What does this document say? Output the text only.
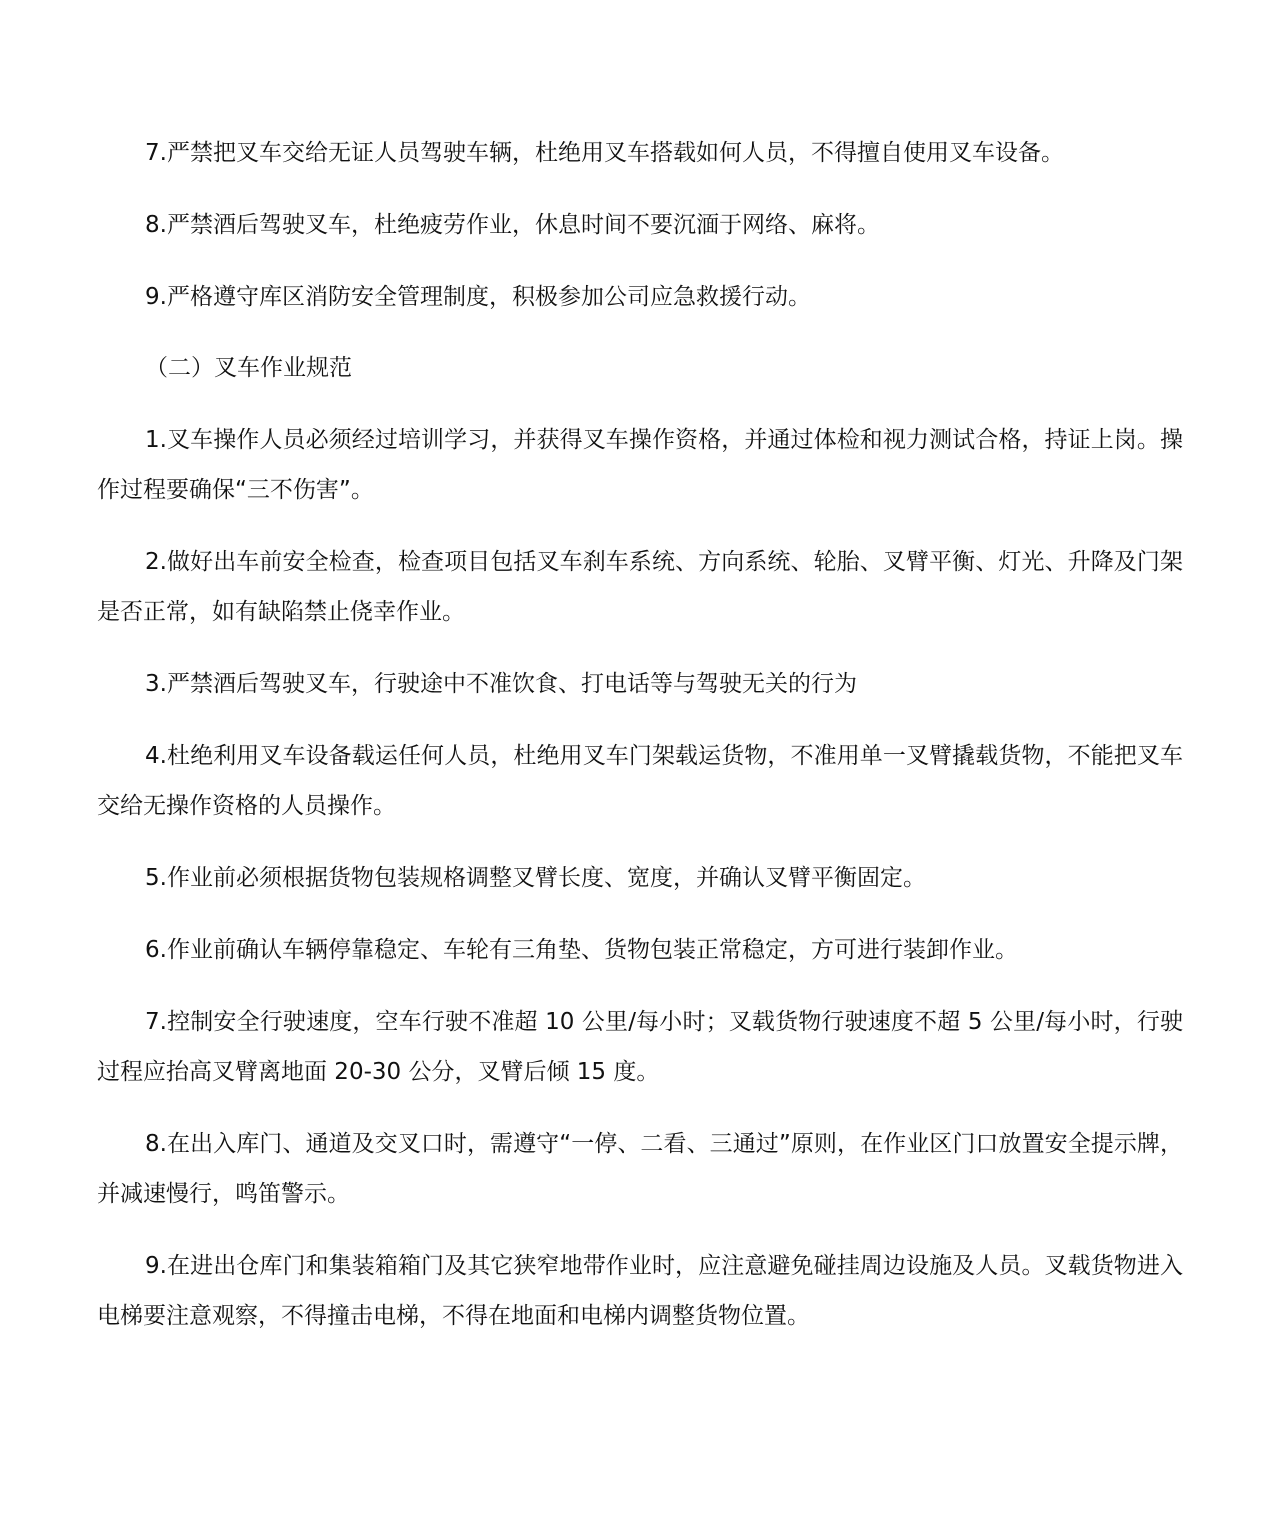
7.严禁把叉车交给无证人员驾驶车辆，杜绝用叉车搭载如何人员，不得擅自使用叉车设备。

8.严禁酒后驾驶叉车，杜绝疲劳作业，休息时间不要沉湎于网络、麻将。

9.严格遵守库区消防安全管理制度，积极参加公司应急救援行动。

（二）叉车作业规范

1.叉车操作人员必须经过培训学习，并获得叉车操作资格，并通过体检和视力测试合格，持证上岗。操作过程要确保“三不伤害”。

2.做好出车前安全检查，检查项目包括叉车刹车系统、方向系统、轮胎、叉臂平衡、灯光、升降及门架是否正常，如有缺陷禁止侥幸作业。

3.严禁酒后驾驶叉车，行驶途中不准饮食、打电话等与驾驶无关的行为

4.杜绝利用叉车设备载运任何人员，杜绝用叉车门架载运货物，不准用单一叉臂撬载货物，不能把叉车交给无操作资格的人员操作。

5.作业前必须根据货物包装规格调整叉臂长度、宽度，并确认叉臂平衡固定。

6.作业前确认车辆停靠稳定、车轮有三角垫、货物包装正常稳定，方可进行装卸作业。

7.控制安全行驶速度，空车行驶不准超 10 公里/每小时；叉载货物行驶速度不超 5 公里/每小时，行驶过程应抬高叉臂离地面 20-30 公分，叉臂后倾 15 度。

8.在出入库门、通道及交叉口时，需遵守“一停、二看、三通过”原则，在作业区门口放置安全提示牌，并减速慢行，鸣笛警示。

9.在进出仓库门和集装箱箱门及其它狭窄地带作业时，应注意避免碰挂周边设施及人员。叉载货物进入电梯要注意观察，不得撞击电梯，不得在地面和电梯内调整货物位置。
